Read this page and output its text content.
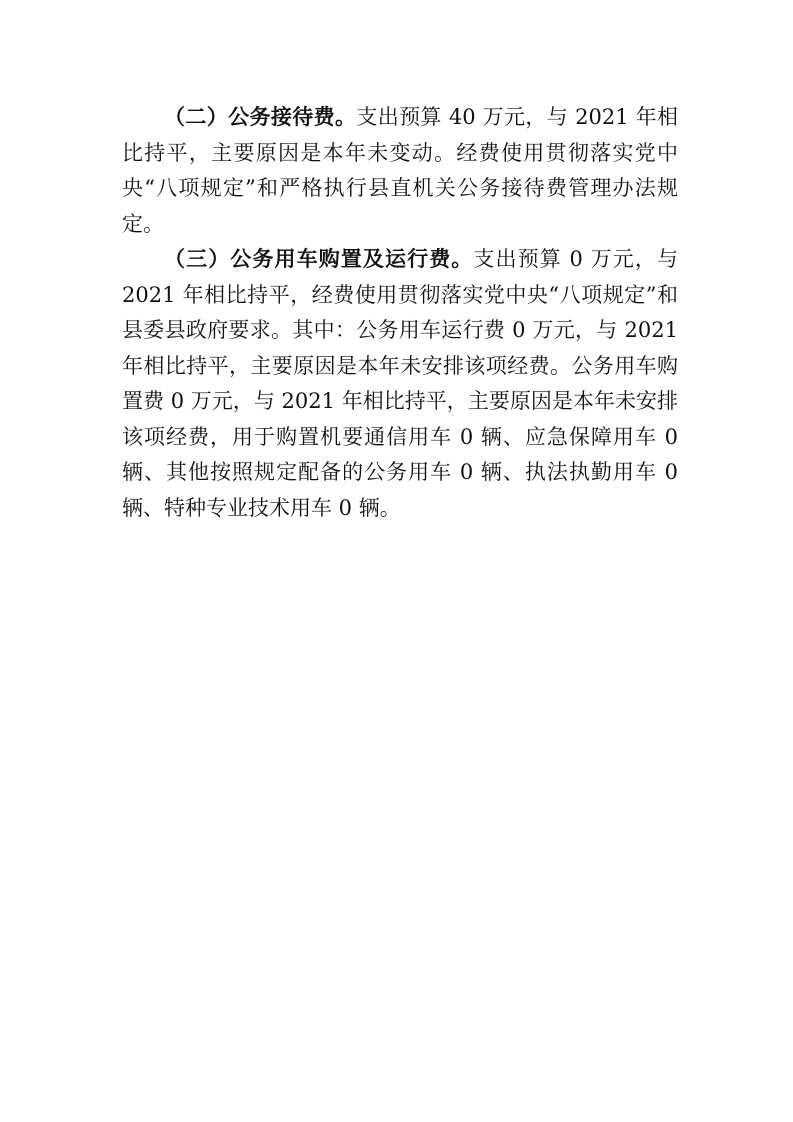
（二）公务接待费。支出预算 40 万元，与 2021 年相比持平，主要原因是本年未变动。经费使用贯彻落实党中央“八项规定”和严格执行县直机关公务接待费管理办法规定。

（三）公务用车购置及运行费。支出预算 0 万元，与 2021 年相比持平，经费使用贯彻落实党中央“八项规定”和县委县政府要求。其中：公务用车运行费 0 万元，与 2021 年相比持平，主要原因是本年未安排该项经费。公务用车购置费 0 万元，与 2021 年相比持平，主要原因是本年未安排该项经费，用于购置机要通信用车 0 辆、应急保障用车 0 辆、其他按照规定配备的公务用车 0 辆、执法执勤用车 0 辆、特种专业技术用车 0 辆。
